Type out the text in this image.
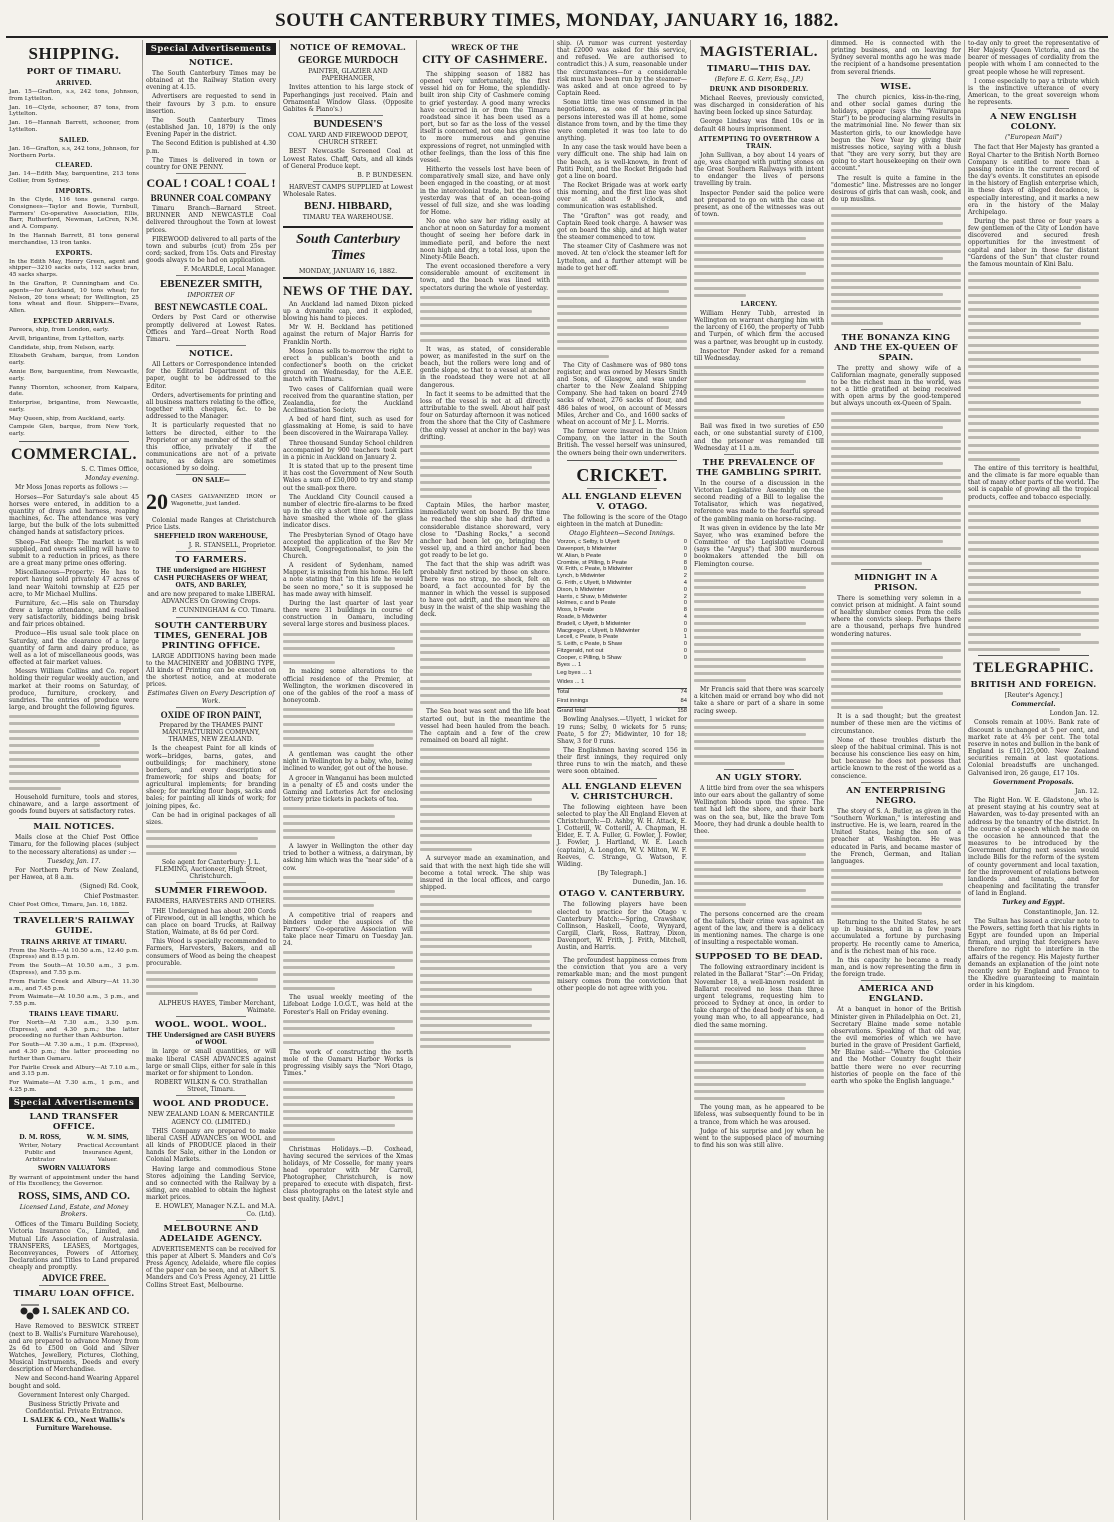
SOUTH CANTERBURY TIMES, MONDAY, JANUARY 16, 1882.
SHIPPING.
PORT OF TIMARU.
ARRIVED.

Jan. 15—Grafton, s.s, 242 tons, Johnson, from Lyttelton.

Jan. 16—Clyde, schooner, 87 tons, from Lyttelton.

Jan. 16—Hannah Barrett, schooner, from Lyttelton.

SAILED.

Jan. 16—Grafton, s.s, 242 tons, Johnson, for Northern Ports.

CLEARED.

Jan. 14—Edith May, barquentine, 213 tons Collier, from Sydney.

IMPORTS.

In the Clyde, 116 tons general cargo. Consignees—Taylor and Bowie, Turnbull, Farmers' Co-operative Association, Ellis, Barr, Rutherford, Newman, LeCren, N.M. and A. Company.

In the Hannah Barrett, 81 tons general merchandise, 13 iron tanks.

EXPORTS.

In the Edith May, Henry Green, agent and shipper—3210 sacks oats, 112 sacks bran, 45 sacks sharps.

In the Grafton, P. Cunningham and Co. agents—for Auckland, 10 tons wheat; for Nelson, 20 tons wheat; for Wellington, 25 tons wheat and flour. Shippers—Evans, Allen.

EXPECTED ARRIVALS.

Pareora, ship, from London, early.

Arvill, brigantine, from Lyttelton, early.

Candidate, ship, from Nelson, early.

Elizabeth Graham, barque, from London early.

Annie Bow, barquentine, from Newcastle, early.

Fanny Thornton, schooner, from Kaipara, date.

Enterprise, brigantine, from Newcastle, early.

May Queen, ship, from Auckland, early.

Campsie Glen, barque, from New York, early.

COMMERCIAL.
S. C. Times Office,
Monday evening.

Mr Moss Jonas reports as follows :—

Horses—For Saturday's sale about 45 horses were entered, in addition to a quantity of drays and harness, reaping machines, &c. The attendance was very large, but the bulk of the lots submitted changed hands at satisfactory prices.

Sheep—Fat sheep: The market is well supplied, and owners selling will have to submit to a reduction in prices, as there are a great many prime ones offering.

Miscellaneous—Property: He has to report having sold privately 47 acres of land near Waitohi township at £25 per acre, to Mr Michael Mullins.

Furniture, &c.—His sale on Thursday drew a large attendance, and realised very satisfactorily, biddings being brisk and fair prices obtained.

Produce—His usual sale took place on Saturday, and the clearance of a large quantity of farm and dairy produce, as well as a lot of miscellaneous goods, was effected at fair market values.

Messrs William Collins and Co. report holding their regular weekly auction, and market at their rooms on Saturday, of produce, furniture, crockery, and sundries. The entries of produce were large, and brought the following figures.

Household furniture, tools and stores, chinaware, and a large assortment of goods found buyers at satisfactory rates.

MAIL NOTICES.

Mails close at the Chief Post Office Timaru, for the following places (subject to the necessary alterations) as under :—

Tuesday, Jan. 17.

For Northern Ports of New Zealand, per Hawea, at 8 a.m.

(Signed) Rd. Cook,
Chief Postmaster.
Chief Post Office, Timaru, Jan. 16, 1882.
TRAVELLER'S RAILWAY GUIDE.
TRAINS ARRIVE AT TIMARU.

From the North—At 10.50 a.m., 12.40 p.m. (Express) and 8.15 p.m.

From the South—At 10.50 a.m., 3 p.m. (Express), and 7.55 p.m.

From Fairlie Creek and Albury—At 11.30 a.m., and 7.45 p.m.

From Waimate—At 10.50 a.m., 3 p.m., and 7.55 p.m.

TRAINS LEAVE TIMARU.

For North—At 7.30 a.m., 3.30 p.m. (Express), and 4.30 p.m.; the latter proceeding no further than Ashburton.

For South—At 7.30 a.m., 1 p.m. (Express), and 4.30 p.m.; the latter proceeding no further than Oamaru.

For Fairlie Creek and Albury—At 7.10 a.m., and 3.15 p.m.

For Waimate—At 7.30 a.m., 1 p.m., and 4.25 p.m.

Special Advertisements
LAND TRANSFER OFFICE.
D. M. ROSS,
Writer, Notary Public and Arbitrator
W. M. SIMS,
Practical Accountant Insurance Agent, Valuer.
SWORN VALUATORS

By warrant of appointment under the hand of His Excellency, the Governor.

ROSS, SIMS, AND CO.
Licensed Land, Estate, and Money Brokers.

Offices of the Timaru Building Society, Victoria Insurance Co., Limited, and Mutual Life Association of Australasia. TRANSFERS, LEASES, Mortgages, Reconveyances, Powers of Attorney, Declarations and Titles to Land prepared cheaply and promptly.

ADVICE FREE.
TIMARU LOAN OFFICE.
I. SALEK AND CO.

Have Removed to BESWICK STREET (next to B. Wallis's Furniture Warehouse), and are prepared to advance Money from 2s 6d to £500 on Gold and Silver Watches, Jewellery, Pictures, Clothing, Musical Instruments, Deeds and every description of Merchandise.

New and Second-hand Wearing Apparel bought and sold.

Government Interest only Charged.
Business Strictly Private and Confidential. Private Entrance.
I. SALEK & CO., Next Wallis's Furniture Warehouse.
Special Advertisements
NOTICE.

The South Canterbury Times may be obtained at the Railway Station every evening at 4.15.

Advertisers are requested to send in their favours by 3 p.m. to ensure insertion.

The South Canterbury Times (established Jan. 10, 1879) is the only Evening Paper in the district.

The Second Edition is published at 4.30 p.m.

The Times is delivered in town or country for ONE PENNY.

COAL ! COAL ! COAL !
BRUNNER COAL COMPANY

Timaru Branch—Barnard Street. BRUNNER AND NEWCASTLE Coal delivered throughout the Town at lowest prices.

FIREWOOD delivered to all parts of the town and suburbs (cut) from 25s per cord; sacked, from 15s. Oats and Firestay goods always to be had on application.

F. McARDLE, Local Manager.
EBENEZER SMITH,
IMPORTER OF
BEST NEWCASTLE COAL.

Orders by Post Card or otherwise promptly delivered at Lowest Rates. Offices and Yard—Great North Road Timaru.

NOTICE.

All Letters or Correspondence intended for the Editorial Department of this paper, ought to be addressed to the Editor.

Orders, advertisements for printing and all business matters relating to the office, together with cheques, &c. to be addressed to the Manager.

It is particularly requested that no letters be directed, either to the Proprietor or any member of the staff of this office, privately if the communications are not of a private nature, as delays are sometimes occasioned by so doing.

ON SALE—
20 CASES GALVANIZED IRON or Wagonette, just landed.

Colonial made Ranges at Christchurch Price Lists.

SHEFFIELD IRON WAREHOUSE,
J. R. STANSELL, Proprietor.
TO FARMERS.
THE undersigned are HIGHEST CASH PURCHASERS OF WHEAT, OATS, AND BARLEY,
and are now prepared to make LIBERAL ADVANCES On Growing Crops.
P. CUNNINGHAM & CO. Timaru.
SOUTH CANTERBURY TIMES, GENERAL JOB PRINTING OFFICE.

LARGE ADDITIONS having been made to the MACHINERY and JOBBING TYPE, All kinds of Printing can be executed on the shortest notice, and at moderate prices.

Estimates Given on Every Description of Work.
OXIDE OF IRON PAINT,
Prepared by the THAMES PAINT MANUFACTURING COMPANY, THAMES, NEW ZEALAND.

Is the cheapest Paint for all kinds of work—bridges, barns, gates, and outbuildings; for machinery, stone borders, and every description of framework; for ships and boats; for agricultural implements; for branding sheep; for marking flour bags, sacks and bales; for painting all kinds of work; for joining pipes, &c.

Can be had in original packages of all sizes.

Sole agent for Canterbury: J. L. FLEMING, Auctioneer, High Street, Christchurch.
SUMMER FIREWOOD.
FARMERS, HARVESTERS AND OTHERS.

THE Undersigned has about 200 Cords of Firewood, cut in all lengths, which he can place on board Trucks, at Railway Station, Waimate, at 8s 6d per Cord.

This Wood is specially recommended to Farmers, Harvesters, Bakers, and all consumers of Wood as being the cheapest procurable.

ALPHEUS HAYES, Timber Merchant, Waimate.
WOOL. WOOL. WOOL.
THE Undersigned are CASH BUYERS of WOOL

in large or small quantities, or will make liberal CASH ADVANCES against large or small Clips, either for sale in this market or for shipment to London.

ROBERT WILKIN & CO. Strathallan Street, Timaru.
WOOL AND PRODUCE.
NEW ZEALAND LOAN & MERCANTILE AGENCY CO. (LIMITED.)

THIS Company are prepared to make liberal CASH ADVANCES on WOOL and all kinds of PRODUCE placed in their hands for Sale, either in the London or Colonial Markets.

Having large and commodious Stone Stores adjoining the Landing Service, and so connected with the Railway by a siding, are enabled to obtain the highest market prices.

E. HOWLEY, Manager N.Z.L. and M.A. Co. (Ltd).
MELBOURNE AND ADELAIDE AGENCY.

ADVERTISEMENTS can be received for this paper at Albert S. Manders and Co's Press Agency, Adelaide, where file copies of the paper can be seen, and at Albert S. Manders and Co's Press Agency, 21 Little Collins Street East, Melbourne.

NOTICE OF REMOVAL.
GEORGE MURDOCH
PAINTER, GLAZIER AND PAPERHANGER,

Invites attention to his large stock of Paperhangings just received. Plain and Ornamental Window Glass. (Opposite Gabites & Piano's.)

BUNDESEN'S
COAL YARD AND FIREWOOD DEPOT, CHURCH STREET.

BEST Newcastle Screened Coal at Lowest Rates. Chaff, Oats, and all kinds of General Produce kept.

B. P. BUNDESEN.

HARVEST CAMPS SUPPLIED at Lowest Wholesale Rates.

BENJ. HIBBARD,
TIMARU TEA WAREHOUSE.
South Canterbury Times
MONDAY, JANUARY 16, 1882.
NEWS OF THE DAY.

An Auckland lad named Dixon picked up a dynamite cap, and it exploded, blowing his hand to pieces.

Mr W. H. Beckland has petitioned against the return of Major Harris for Franklin North.

Moss Jonas sells to-morrow the right to erect a publican's booth and a confectioner's booth on the cricket ground on Wednesday, for the A.E.E. match with Timaru.

Two cases of Californian quail were received from the quarantine station, per Zealandia, for the Auckland Acclimatisation Society.

A bed of hard flint, such as used for glassmaking at Home, is said to have been discovered in the Wairarapa Valley.

Three thousand Sunday School children accompanied by 900 teachers took part in a picnic in Auckland on January 2.

It is stated that up to the present time it has cost the Government of New South Wales a sum of £50,000 to try and stamp out the small-pox there.

The Auckland City Council caused a number of electric fire-alarms to be fixed up in the city a short time ago. Larrikins have smashed the whole of the glass indicator discs.

The Presbyterian Synod of Otago have accepted the application of the Rev Mr Maxwell, Congregationalist, to join the Church.

A resident of Sydenham, named Mapper, is missing from his home. He left a note stating that "in this life he would be seen no more," so it is supposed he has made away with himself.

During the last quarter of last year there were 31 buildings in course of construction in Oamaru, including several large stores and business places.

In making some alterations to the official residence of the Premier, at Wellington, the workmen discovered in one of the gables of the roof a mass of honeycomb.

A gentleman was caught the other night in Wellington by a baby, who, being inclined to wander, got out of the house.

A grocer in Wanganui has been mulcted in a penalty of £5 and costs under the Gaming and Lotteries Act for enclosing lottery prize tickets in packets of tea.

A lawyer in Wellington the other day tried to bother a witness, a dairyman, by asking him which was the "near side" of a cow.

A competitive trial of reapers and binders under the auspices of the Farmers' Co-operative Association will take place near Timaru on Tuesday Jan. 24.

The usual weekly meeting of the Lifeboat Lodge I.O.G.T., was held at the Forester's Hall on Friday evening.

The work of constructing the north mole of the Oamaru Harbor Works is progressing visibly says the "Nori Otago, Times."

Christmas Holidays.—D. Coxhead, having secured the services of the Xmas holidays, of Mr Cosselle, for many years head operator with Mr Carroll, Photographer, Christchurch, is now prepared to execute with dispatch, first-class photographs on the latest style and best quality. [Advt.]

WRECK OF THE
CITY OF CASHMERE.

The shipping season of 1882 has opened very unfortunately, the first vessel hid on for Home, the splendidly-built iron ship City of Cashmere coming to grief yesterday. A good many wrecks have occurred in or from the Timaru roadstead since it has been used as a port, but so far as the loss of the vessel itself is concerned, not one has given rise to more numerous and genuine expressions of regret, not unmingled with other feelings, than the loss of this fine vessel.

Hitherto the vessels lost have been of comparatively small size, and have only been engaged in the coasting, or at most in the intercolonial trade, but the loss of yesterday was that of an ocean-going vessel of full size, and she was loading for Home.

No one who saw her riding easily at anchor at noon on Saturday for a moment thought of seeing her before dark in immediate peril, and before the next noon high and dry, a total loss, upon the Ninety-Mile Beach.

The event occasioned therefore a very considerable amount of excitement in town, and the beach was lined with spectators during the whole of yesterday.

It was, as stated, of considerable power, as manifested in the surf on the beach, but the rollers were long and of gentle slope, so that to a vessel at anchor in the roadstead they were not at all dangerous.

In fact it seems to be admitted that the loss of the vessel is not at all directly attributable to the swell. About half past four on Saturday afternoon it was noticed from the shore that the City of Cashmere (the only vessel at anchor in the bay) was drifting.

Captain Miles, the harbor master, immediately went on board. By the time he reached the ship she had drifted a considerable distance shoreward, very close to "Dashing Rocks," a second anchor had been let go, bringing the vessel up, and a third anchor had been got ready to be let go.

The fact that the ship was adrift was probably first noticed by those on shore. There was no strap, no shock, felt on board, a fact accounted for by the manner in which the vessel is supposed to have got adrift, and the men were all busy in the waist of the ship washing the deck.

The Sea boat was sent and the life boat started out, but in the meantime the vessel had been hauled from the beach. The captain and a few of the crew remained on board all night.

A surveyor made an examination, and said that with the next high tide she will become a total wreck. The ship was insured in the local offices, and cargo shipped.

ship. (A rumor was current yesterday that £2000 was asked for this service, and refused. We are authorised to contradict this.) A sum, reasonable under the circumstances—for a considerable risk must have been run by the steamer—was asked and at once agreed to by Captain Reed.

Some little time was consumed in the negotiations, as one of the principal persons interested was ill at home, some distance from town, and by the time they were completed it was too late to do anything.

In any case the task would have been a very difficult one. The ship had lain on the beach, as is well-known, in front of Patiti Point, and the Rocket Brigade had got a line on board.

The Rocket Brigade was at work early this morning, and the first line was shot over at about 9 o'clock, and communication was established.

The "Grafton" was got ready, and Captain Reed took charge. A hawser was got on board the ship, and at high water the steamer commenced to tow.

The steamer City of Cashmere was not moved. At ten o'clock the steamer left for Lyttelton, and a further attempt will be made to get her off.

The City of Cashmere was of 980 tons register, and was owned by Messrs Smith and Sons, of Glasgow, and was under charter to the New Zealand Shipping Company. She had taken on board 2749 sacks of wheat, 276 sacks of flour, and 486 bales of wool, on account of Messrs Miles, Archer and Co., and 1600 sacks of wheat on account of Mr J. L. Morris.

The former were insured in the Union Company, on the latter in the South British. The vessel herself was uninsured, the owners being their own underwriters.

CRICKET.
ALL ENGLAND ELEVEN V. OTAGO.

The following is the score of the Otago eighteen in the match at Dunedin:

Otago Eighteen—Second Innings.
Vorzon, c Selby, b Ulyett	0
Davenport, b Midwinter	0
W. Alian, b Peate	0
Crombie, st Pilling, b Peate	8
W. Frith, c Peate, b Midwinter	0
Lynch, b Midwinter	2
G. Frith, c Ulyett, b Midwinter	4
Dixon, b Midwinter	0
Harris, c Shaw, b Midwinter	2
Holmes, c and b Peate	0
Moss, b Peate	8
Roade, b Midwinter	4
Bradell, c Ulyett, b Midwinter	0
Macgregor, c Ulyett, b Midwinter	0
Lecell, c Peate, b Peate	1
S. Leith, c Peate, b Shaw	0
Fitzgerald, not out	0
Cooper, c Pilling, b Shaw	0
Byes ... 1
Leg byes ... 1
Wides ... 1
Total	74
First innings	84
Grand total	158

Bowling Analyses.—Ulyett, 1 wicket for 19 runs; Selby, 0 wickets for 5 runs; Peate, 5 for 27; Midwinter, 10 for 18; Shaw, 3 for 0 runs.

The Englishmen having scored 156 in their first innings, they required only three runs to win the match, and these were soon obtained.

ALL ENGLAND ELEVEN V. CHRISTCHURCH.

The following eighteen have been selected to play the All England Eleven at Christchurch:—D. Ashby, W. H. Attack, E. J. Cotterill, W. Cotterill, A. Chapman, H. Elder, E. T. A. Fuller, G. Fowler, J. Fowler, J. Fowler, J. Hartland, W. E. Leach (captain), A. Longdon, W. V. Milton, W. F. Reeves, C. Strange, G. Watson, F. Wilding.

[By Telegraph.]
Dunedin, Jan. 16.
OTAGO V. CANTERBURY.

The following players have been elected to practice for the Otago v. Canterbury Match:—Spring, Crawshaw, Collinson, Haskell, Coote, Wynyard, Cargill, Clark, Ross, Rattray, Dixon, Davenport, W. Frith, J. Frith, Mitchell, Austin, and Harris.

The profoundest happiness comes from the conviction that you are a very remarkable man; and the most pungent misery comes from the conviction that other people do not agree with you.

MAGISTERIAL.
TIMARU—THIS DAY.
(Before E. G. Kerr, Esq., J.P.)
DRUNK AND DISORDERLY.

Michael Reeves, previously convicted, was discharged in consideration of his having been locked up since Saturday.

George Lindsay was fined 10s or in default 48 hours imprisonment.

ATTEMPTING TO OVERTHROW A TRAIN.

John Sullivan, a boy about 14 years of age, was charged with putting stones on the Great Southern Railways with intent to endanger the lives of persons travelling by train.

Inspector Pender said the police were not prepared to go on with the case at present, as one of the witnesses was out of town.

LARCENY.

William Henry Tubb, arrested in Wellington on warrant charging him with the larceny of £160, the property of Tubb and Turpen, of which firm the accused was a partner, was brought up in custody.

Inspector Pender asked for a remand till Wednesday.

Bail was fixed in two sureties of £50 each, or one substantial surety of £100, and the prisoner was remanded till Wednesday at 11 a.m.

THE PREVALENCE OF THE GAMBLING SPIRIT.

In the course of a discussion in the Victorian Legislative Assembly on the second reading of a Bill to legalise the Totalisator, which was negatived, reference was made to the fearful spread of the gambling mania on horse-racing.

It was given in evidence by the late Mr Sayer, who was examined before the Committee of the Legislative Council (says the "Argus") that 300 murderous bookmakers attended the bill on Flemington course.

Mr Francis said that there was scarcely a kitchen maid or errand boy who did not take a share or part of a share in some racing sweep.

AN UGLY STORY.

A little bird from over the sea whispers into our ears about the gallantry of some Wellington bloods upon the spree. The tent had left the shore, and their bark was on the sea, but, like the brave Tom Moore, they had drunk a double health to thee.

The persons concerned are the cream of the tailors, their crime was against an agent of the law, and there is a delicacy in mentioning names. The charge is one of insulting a respectable woman.

SUPPOSED TO BE DEAD.

The following extraordinary incident is related in the Ballarat "Star":—On Friday, November 18, a well-known resident in Ballarat received no less than three urgent telegrams, requesting him to proceed to Sydney at once, in order to take charge of the dead body of his son, a young man who, to all appearance, had died the same morning.

The young man, as he appeared to be lifeless, was subsequently found to be in a trance, from which he was aroused.

Judge of his surprise and joy when he went to the supposed place of mourning to find his son was still alive.

dimmed. He is connected with the printing business, and on leaving for Sydney several months ago he was made the recipient of a handsome presentation from several friends.

WISE.

The church picnics, kiss-in-the-ring, and other social games during the holidays, appear (says the "Wairarapa Star") to be producing alarming results in the matrimonial line. No fewer than six Masterton girls, to our knowledge have begun the New Year by giving their mistresses notice, saying with a blush that "they are very sorry, but they are going to start housekeeping on their own account."

The result is quite a famine in the "domestic" line. Mistresses are no longer desirous of girls that can wash, cook, and do up muslins.

THE BONANZA KING AND THE EX-QUEEN OF SPAIN.

The pretty and showy wife of a Californian magnate, generally supposed to be the richest man in the world, was not a little gratified at being received with open arms by the good-tempered but always uncouth ex-Queen of Spain.

MIDNIGHT IN A PRISON.

There is something very solemn in a convict prison at midnight. A faint sound of healthy slumber comes from the cells where the convicts sleep. Perhaps there are a thousand, perhaps five hundred wondering natures.

It is a sad thought; but the greatest number of these men are the victims of circumstance.

None of these troubles disturb the sleep of the habitual criminal. This is not because his conscience lies easy on him, but because he does not possess that article known to the rest of the world as a conscience.

AN ENTERPRISING NEGRO.

The story of S. A. Butler, as given in the "Southern Workman," is interesting and instructive. He is, we learn, reared in the United States, being the son of a preacher at Washington. He was educated in Paris, and became master of the French, German, and Italian languages.

Returning to the United States, he set up in business, and in a few years accumulated a fortune by purchasing property. He recently came to America, and is the richest man of his race.

In this capacity he became a ready man, and is now representing the firm in the foreign trade.

AMERICA AND ENGLAND.

At a banquet in honor of the British Minister given in Philadelphia on Oct. 21, Secretary Blaine made some notable observations. Speaking of that old war, the evil memories of which we have buried in the grave of President Garfield, Mr Blaine said:—"Where the Colonies and the Mother Country fought their battle there were no ever recurring histories of people on the face of the earth who spoke the English language."

to-day only to greet the representative of Her Majesty Queen Victoria, and as the bearer of messages of cordiality from the people with whom I am connected to the great people whose he will represent.

I come especially to pay a tribute which is the instinctive utterance of every American, to the great sovereign whom he represents.

A NEW ENGLISH COLONY.
("European Mail")

The fact that Her Majesty has granted a Royal Charter to the British North Borneo Company is entitled to more than a passing notice in the current record of the day's events. It constitutes an episode in the history of English enterprise which, in these days of alleged decadence, is especially interesting, and it marks a new era in the history of the Malay Archipelago.

During the past three or four years a few gentlemen of the City of London have discovered and secured fresh opportunities for the investment of capital and labor in those far distant "Gardens of the Sun" that cluster round the famous mountain of Kini Balu.

The entire of this territory is healthful, and the climate is far more equable than that of many other parts of the world. The soil is capable of growing all the tropical products, coffee and tobacco especially.

TELEGRAPHIC.
BRITISH AND FOREIGN.
[Reuter's Agency.]
Commercial.
London Jan. 12.

Consols remain at 100½. Bank rate of discount is unchanged at 5 per cent, and market rate at 4¾ per cent. The total reserve in notes and bullion in the bank of England is £10,125,000. New Zealand securities remain at last quotations. Colonial breadstuffs are unchanged. Galvanised iron, 26 gauge, £17 10s.

Government Proposals.
Jan. 12.

The Right Hon. W. E. Gladstone, who is at present staying at his country seat at Hawarden, was to-day presented with an address by the tenantry of the district. In the course of a speech which he made on the occasion he announced that the measures to be introduced by the Government during next session would include Bills for the reform of the system of county government and local taxation, for the improvement of relations between landlords and tenants, and for cheapening and facilitating the transfer of land in England.

Turkey and Egypt.
Constantinople, Jan. 12.

The Sultan has issued a circular note to the Powers, setting forth that his rights in Egypt are founded upon an Imperial firman, and urging that foreigners have therefore no right to interfere in the affairs of the regency. His Majesty further demands an explanation of the joint note recently sent by England and France to the Khedive guaranteeing to maintain order in his kingdom.
